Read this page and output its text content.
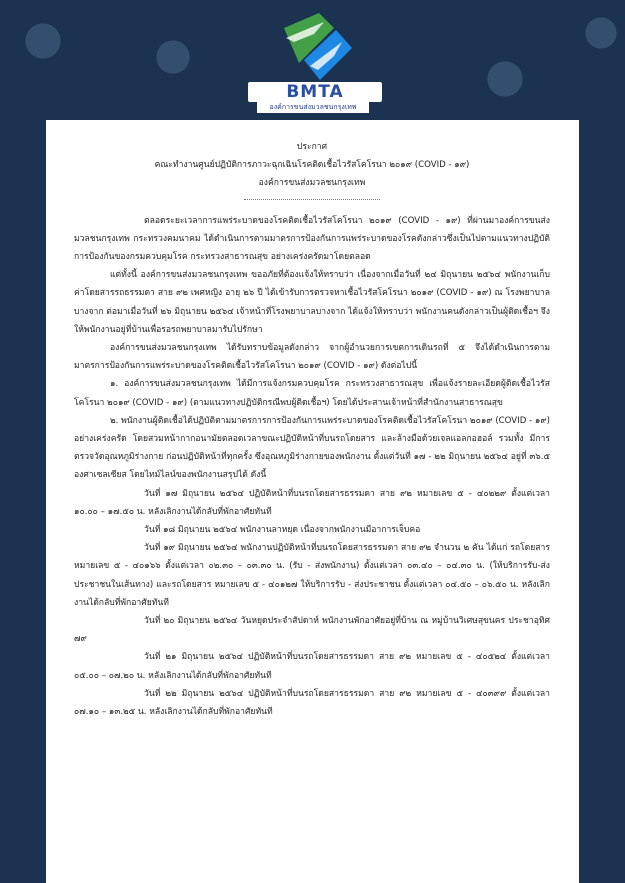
BMTA
องค์การขนส่งมวลชนกรุงเทพ
ประกาศ
คณะทำงานศูนย์ปฏิบัติการภาวะฉุกเฉินโรคติดเชื้อไวรัสโคโรนา ๒๐๑๙ (COVID - ๑๙)
องค์การขนส่งมวลชนกรุงเทพ

ตลอดระยะเวลาการแพร่ระบาดของโรคติดเชื้อไวรัสโคโรนา ๒๐๑๙ (COVID - ๑๙) ที่ผ่านมาองค์การขนส่งมวลชนกรุงเทพ กระทรวงคมนาคม ได้ดำเนินการตามมาตรการป้องกันการแพร่ระบาดของโรคดังกล่าวซึ่งเป็นไปตามแนวทางปฏิบัติการป้องกันของกรมควบคุมโรค กระทรวงสาธารณสุข อย่างเคร่งครัดมาโดยตลอด

แต่ทั้งนี้ องค์การขนส่งมวลชนกรุงเทพ ขออภัยที่ต้องแจ้งให้ทราบว่า เนื่องจากเมื่อวันที่ ๒๔ มิถุนายน ๒๕๖๔ พนักงานเก็บค่าโดยสารรถธรรมดา สาย ๙๒ เพศหญิง อายุ ๒๖ ปี ได้เข้ารับการตรวจหาเชื้อไวรัสโคโรนา ๒๐๑๙ (COVID - ๑๙) ณ โรงพยาบาลบางจาก ต่อมาเมื่อวันที่ ๒๖ มิถุนายน ๒๕๖๔ เจ้าหน้าที่โรงพยาบาลบางจาก ได้แจ้งให้ทราบว่า พนักงานคนดังกล่าวเป็นผู้ติดเชื้อฯ จึงให้พนักงานอยู่ที่บ้านเพื่อรอรถพยาบาลมารับไปรักษา

องค์การขนส่งมวลชนกรุงเทพ ได้รับทราบข้อมูลดังกล่าว จากผู้อำนวยการเขตการเดินรถที่ ๕ จึงได้ดำเนินการตามมาตรการป้องกันการแพร่ระบาดของโรคติดเชื้อไวรัสโคโรนา ๒๐๑๙ (COVID - ๑๙) ดังต่อไปนี้

๑. องค์การขนส่งมวลชนกรุงเทพ ได้มีการแจ้งกรมควบคุมโรค กระทรวงสาธารณสุข เพื่อแจ้งรายละเอียดผู้ติดเชื้อไวรัสโคโรนา ๒๐๑๙ (COVID - ๑๙) (ตามแนวทางปฏิบัติกรณีพบผู้ติดเชื้อฯ) โดยได้ประสานเจ้าหน้าที่สำนักงานสาธารณสุข

๒. พนักงานผู้ติดเชื้อได้ปฏิบัติตามมาตรการการป้องกันการแพร่ระบาดของโรคติดเชื้อไวรัสโคโรนา ๒๐๑๙ (COVID - ๑๙) อย่างเคร่งครัด โดยสวมหน้ากากอนามัยตลอดเวลาขณะปฏิบัติหน้าที่บนรถโดยสาร และล้างมือด้วยเจลแอลกอฮอล์ รวมทั้ง มีการตรวจวัดอุณหภูมิร่างกาย ก่อนปฏิบัติหน้าที่ทุกครั้ง ซึ่งอุณหภูมิร่างกายของพนักงาน ตั้งแต่วันที่ ๑๗ - ๒๒ มิถุนายน ๒๕๖๔ อยู่ที่ ๓๖.๕ องศาเซลเซียส โดยไทม์ไลน์ของพนักงานสรุปได้ ดังนี้

วันที่ ๑๗ มิถุนายน ๒๕๖๔ ปฏิบัติหน้าที่บนรถโดยสารธรรมดา สาย ๙๒ หมายเลข ๕ - ๔๐๒๒๙ ตั้งแต่เวลา ๑๐.๐๐ – ๑๗.๕๐ น. หลังเลิกงานได้กลับที่พักอาศัยทันที

วันที่ ๑๘ มิถุนายน ๒๕๖๔ พนักงานลาหยุด เนื่องจากพนักงานมีอาการเจ็บคอ

วันที่ ๑๙ มิถุนายน ๒๕๖๔ พนักงานปฏิบัติหน้าที่บนรถโดยสารธรรมดา สาย ๙๒ จำนวน ๒ คัน ได้แก่ รถโดยสาร หมายเลข ๕ - ๔๐๑๖๖ ตั้งแต่เวลา ๐๒.๓๐ – ๐๓.๓๐ น. (รับ - ส่งพนักงาน) ตั้งแต่เวลา ๐๓.๔๐ – ๐๔.๓๐ น. (ให้บริการรับ-ส่งประชาชนในเส้นทาง) และรถโดยสาร หมายเลข ๕ - ๔๐๑๒๗ ให้บริการรับ - ส่งประชาชน ตั้งแต่เวลา ๐๔.๕๐ – ๐๖.๕๐ น. หลังเลิกงานได้กลับที่พักอาศัยทันที

วันที่ ๒๐ มิถุนายน ๒๕๖๔ วันหยุดประจำสัปดาห์ พนักงานพักอาศัยอยู่ที่บ้าน ณ หมู่บ้านวิเศษสุขนคร ประชาอุทิศ ๗๙

วันที่ ๒๑ มิถุนายน ๒๕๖๔ ปฏิบัติหน้าที่บนรถโดยสารธรรมดา สาย ๙๒ หมายเลข ๕ - ๔๐๕๒๔ ตั้งแต่เวลา ๐๕.๐๐ – ๐๗.๒๐ น. หลังเลิกงานได้กลับที่พักอาศัยทันที

วันที่ ๒๒ มิถุนายน ๒๕๖๔ ปฏิบัติหน้าที่บนรถโดยสารธรรมดา สาย ๙๒ หมายเลข ๕ - ๔๐๓๙๙ ตั้งแต่เวลา ๐๗.๑๐ – ๑๓.๒๕ น. หลังเลิกงานได้กลับที่พักอาศัยทันที
